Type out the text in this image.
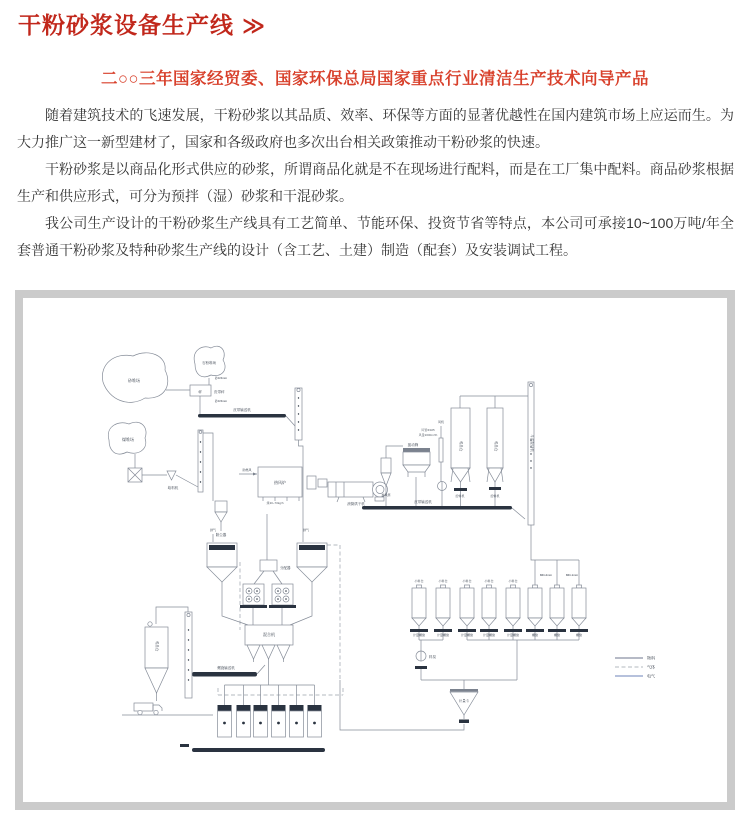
干粉砂浆设备生产线 ≫
二○○三年国家经贸委、国家环保总局国家重点行业清洁生产技术向导产品

随着建筑技术的飞速发展，干粉砂浆以其品质、效率、环保等方面的显著优越性在国内建筑市场上应运而生。为大力推广这一新型建材了，国家和各级政府也多次出台相关政策推动干粉砂浆的快速。

干粉砂浆是以商品化形式供应的砂浆，所谓商品化就是不在现场进行配料，而是在工厂集中配料。商品砂浆根据生产和供应形式，可分为预拌（湿）砂浆和干混砂浆。

我公司生产设计的干粉砂浆生产线具有工艺简单、节能环保、投资节省等特点，本公司可承接10~100万吨/年全套普通干粉砂浆及特种砂浆生产线的设计（含工艺、土建）制造（配套）及安装调试工程。

物料
气体
电气
砂堆场
石粉堆场
煤堆场
秤	皮带秤
砂0-5mm
砂0-5mm
皮带输送机
给料机
除尘器
热风炉
助燃风
煤30~70kg/h	滚筒烘干机
旋风筒
振动筛
风机
风管Φ325
风量2000m³/h
成品仓	成品仓
给料机	给料机
皮带输送机
斗式提升机
MD-2mm	MD-1mm
小料仓	小料仓	小料仓	小料仓	小料仓
计量螺旋	计量螺旋	计量螺旋	计量螺旋	计量螺旋	螺旋	螺旋	螺旋
料泵
计量斗
分配器
排气	排气
混合机
螺旋输送机
成品仓
